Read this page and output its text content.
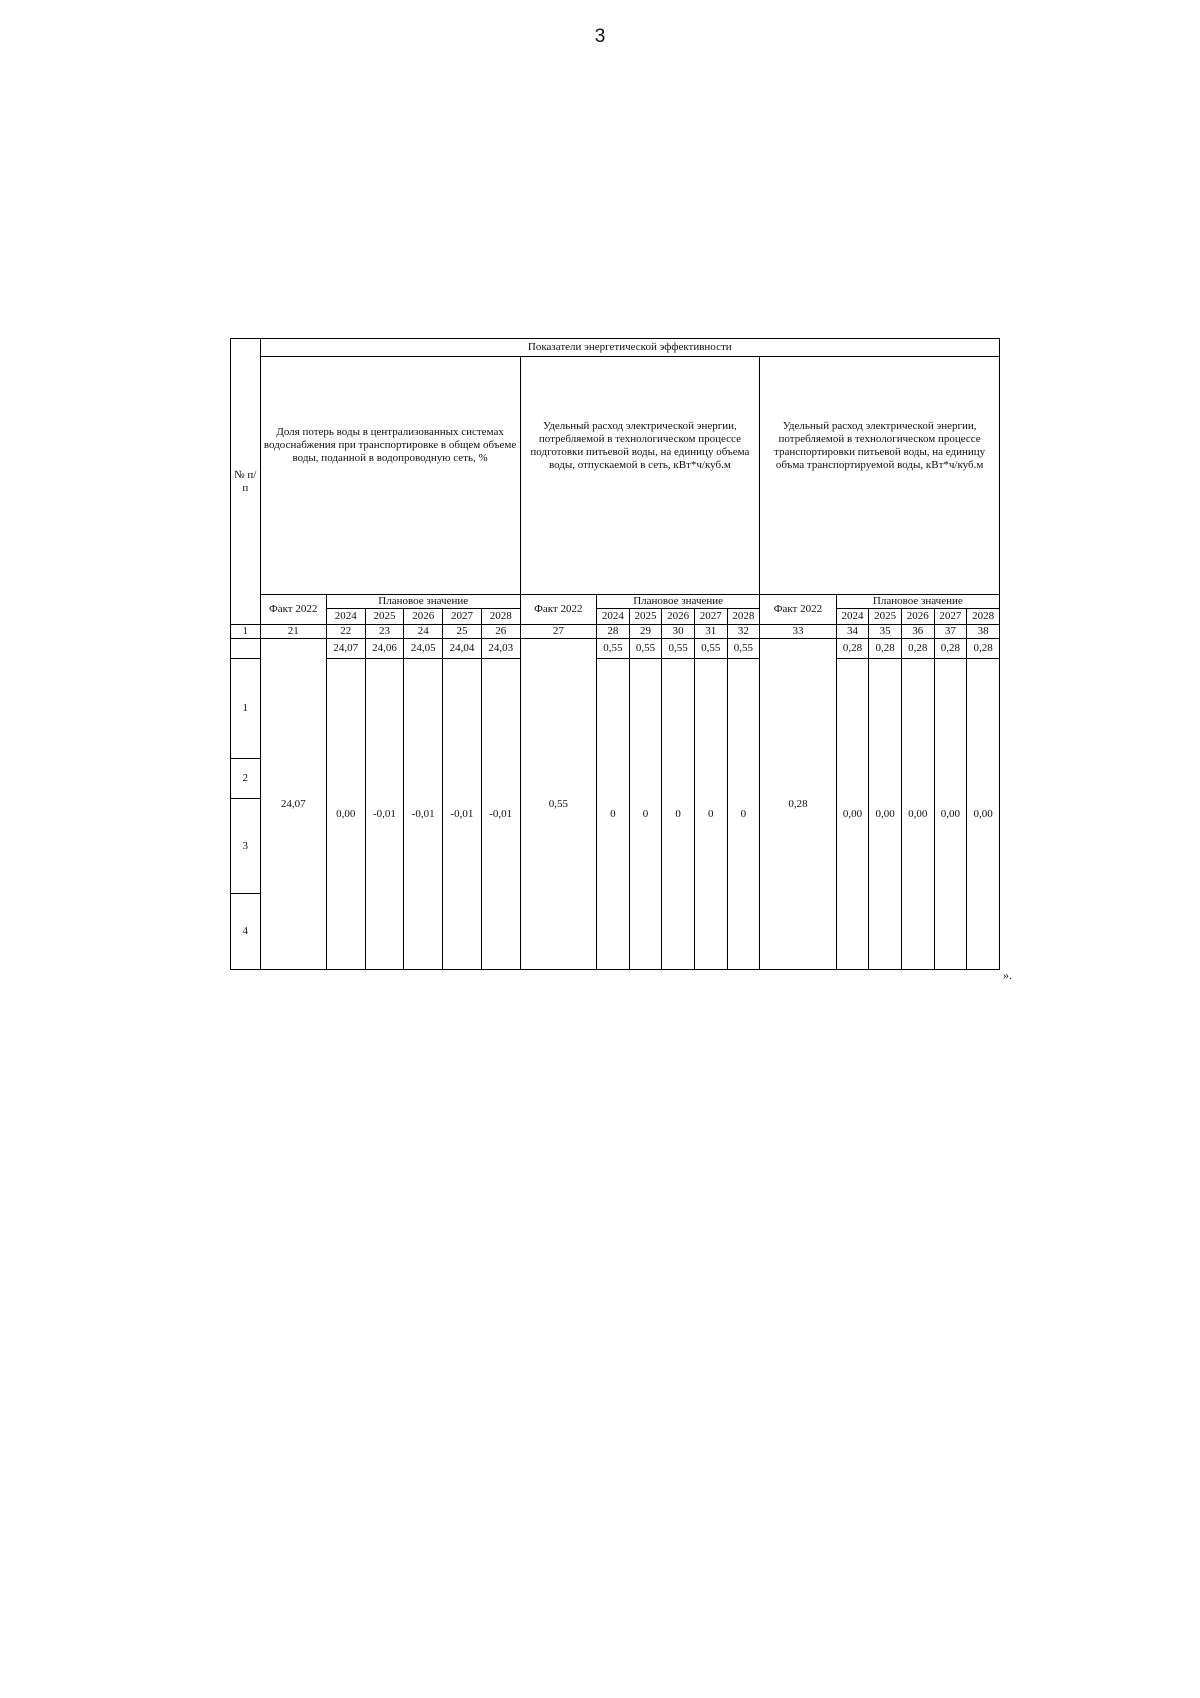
3
№ п/п	Показатели энергетической эффективности																	
	Доля потерь воды в централизованных системах водоснабжения при транспортировке в общем объеме воды, поданной в водопроводную сеть, %						Удельный расход электрической энергии, потребляемой в технологическом процессе подготовки питьевой воды, на единицу объема воды, отпускаемой в сеть, кВт*ч/куб.м						Удельный расход электрической энергии, потребляемой в технологическом процессе транспортировки питьевой воды, на единицу объма транспортируемой воды, кВт*ч/куб.м					
	Факт 2022	Плановое значение					Факт 2022	Плановое значение					Факт 2022	Плановое значение				
		2024	2025	2026	2027	2028		2024	2025	2026	2027	2028		2024	2025	2026	2027	2028
1	21	22	23	24	25	26	27	28	29	30	31	32	33	34	35	36	37	38
	24,07	24,07	24,06	24,05	24,04	24,03	0,55	0,55	0,55	0,55	0,55	0,55	0,28	0,28	0,28	0,28	0,28	0,28
1		0,00	-0,01	-0,01	-0,01	-0,01		0	0	0	0	0		0,00	0,00	0,00	0,00	0,00
2																		
3																		
4																		
».
